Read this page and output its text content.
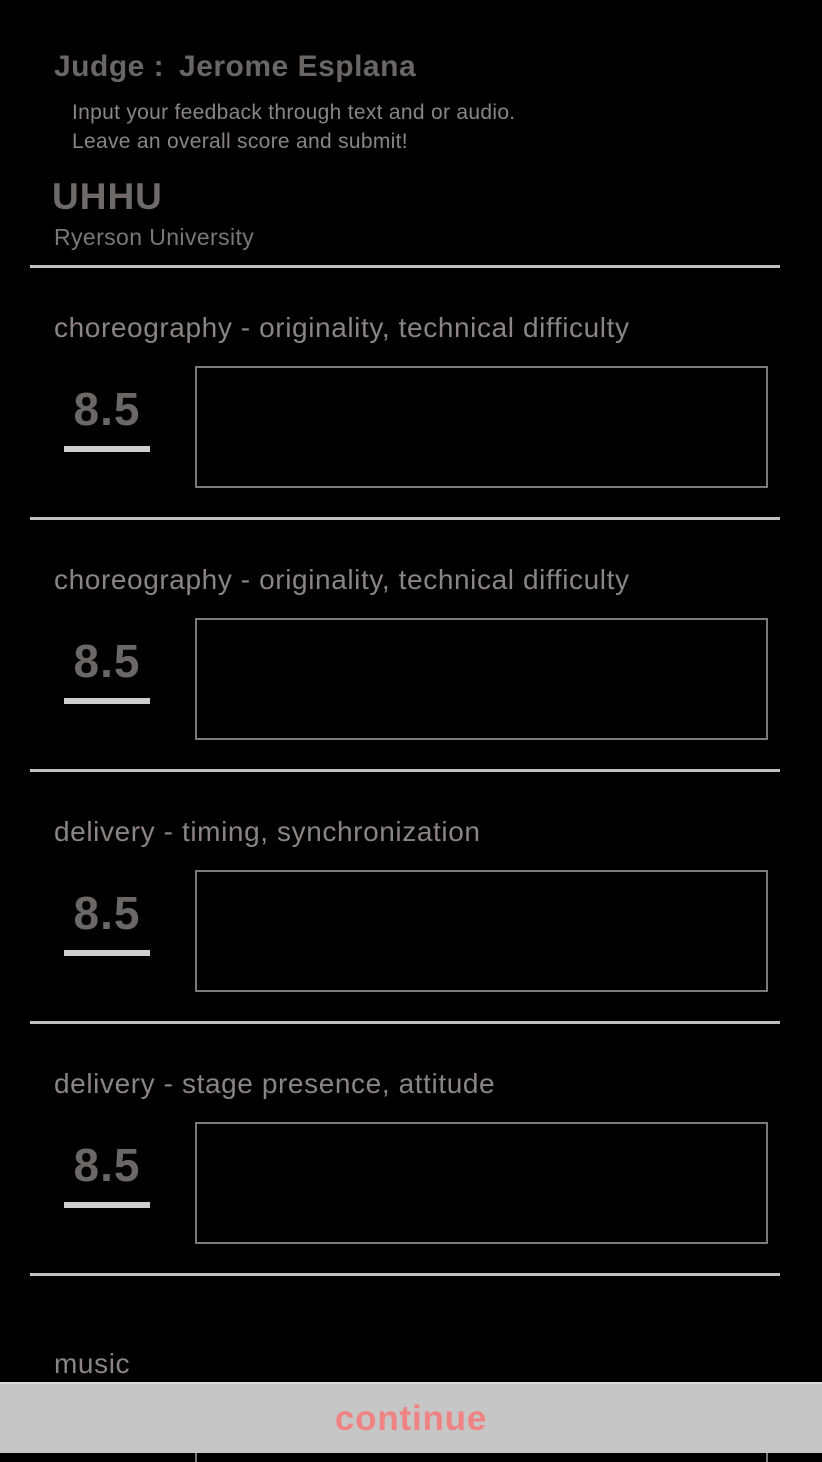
Judge : Jerome Esplana
Input your feedback through text and or audio.
Leave an overall score and submit!
UHHU
Ryerson University
choreography - originality, technical difficulty
8.5
choreography - originality, technical difficulty
8.5
delivery - timing, synchronization
8.5
delivery - stage presence, attitude
8.5
music
continue
